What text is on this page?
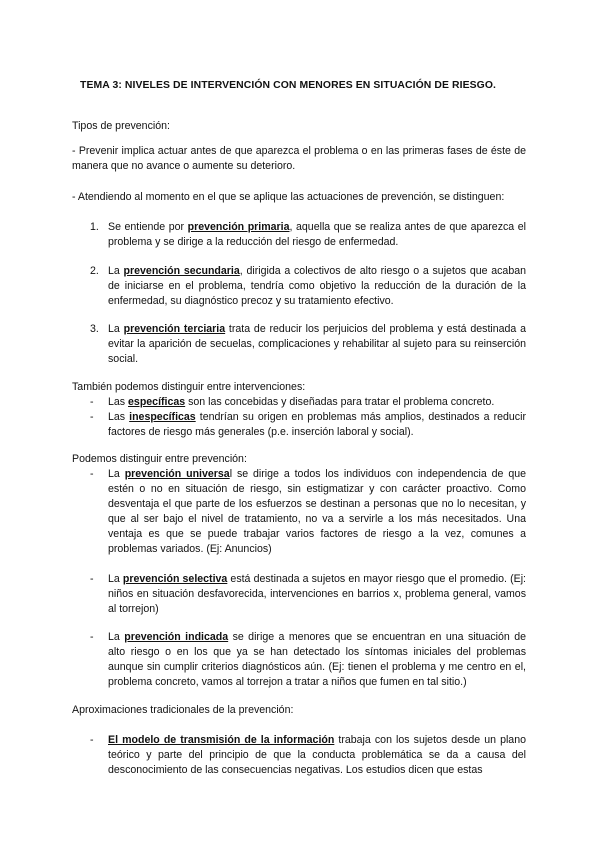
TEMA 3: NIVELES DE INTERVENCIÓN CON MENORES EN SITUACIÓN DE RIESGO.
Tipos de prevención:
- Prevenir implica actuar antes de que aparezca el problema o en las primeras fases de éste de manera que no avance o aumente su deterioro.
- Atendiendo al momento en el que se aplique las actuaciones de prevención, se distinguen:
1. Se entiende por prevención primaria, aquella que se realiza antes de que aparezca el problema y se dirige a la reducción del riesgo de enfermedad.
2. La prevención secundaria, dirigida a colectivos de alto riesgo o a sujetos que acaban de iniciarse en el problema, tendría como objetivo la reducción de la duración de la enfermedad, su diagnóstico precoz y su tratamiento efectivo.
3. La prevención terciaria trata de reducir los perjuicios del problema y está destinada a evitar la aparición de secuelas, complicaciones y rehabilitar al sujeto para su reinserción social.
También podemos distinguir entre intervenciones:
- Las específicas son las concebidas y diseñadas para tratar el problema concreto.
- Las inespecíficas tendrían su origen en problemas más amplios, destinados a reducir factores de riesgo más generales (p.e. inserción laboral y social).
Podemos distinguir entre prevención:
- La prevención universal se dirige a todos los individuos con independencia de que estén o no en situación de riesgo, sin estigmatizar y con carácter proactivo. Como desventaja el que parte de los esfuerzos se destinan a personas que no lo necesitan, y que al ser bajo el nivel de tratamiento, no va a servirle a los más necesitados. Una ventaja es que se puede trabajar varios factores de riesgo a la vez, comunes a problemas variados. (Ej: Anuncios)
- La prevención selectiva está destinada a sujetos en mayor riesgo que el promedio. (Ej: niños en situación desfavorecida, intervenciones en barrios x, problema general, vamos al torrejon)
- La prevención indicada se dirige a menores que se encuentran en una situación de alto riesgo o en los que ya se han detectado los síntomas iniciales del problemas aunque sin cumplir criterios diagnósticos aún. (Ej: tienen el problema y me centro en el, problema concreto, vamos al torrejon a tratar a niños que fumen en tal sitio.)
Aproximaciones tradicionales de la prevención:
- El modelo de transmisión de la información trabaja con los sujetos desde un plano teórico y parte del principio de que la conducta problemática se da a causa del desconocimiento de las consecuencias negativas. Los estudios dicen que estas
